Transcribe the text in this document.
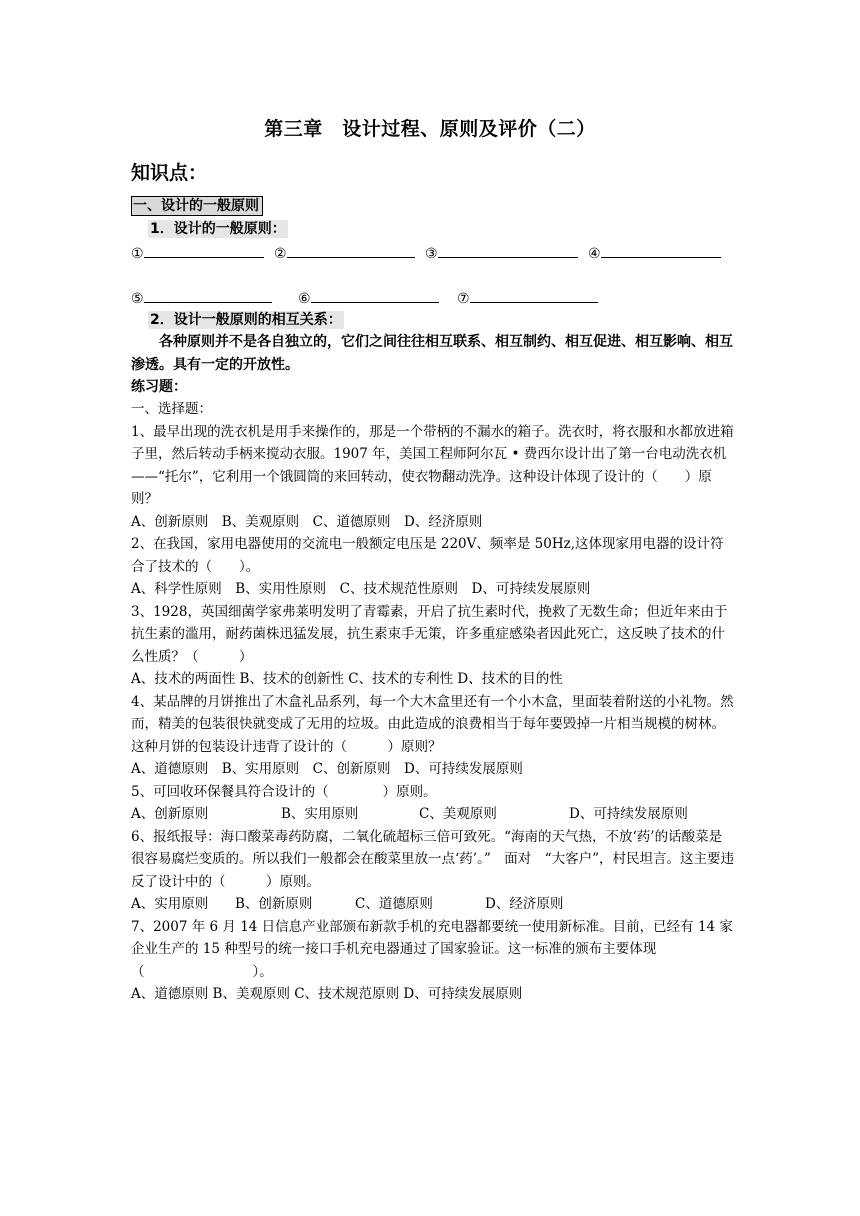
第三章　设计过程、原则及评价（二）
知识点：
一、设计的一般原则
1．设计的一般原则：
①	②	③	④
⑤	⑥	⑦
2．设计一般原则的相互关系：
各种原则并不是各自独立的，它们之间往往相互联系、相互制约、相互促进、相互影响、相互渗透。具有一定的开放性。
练习题：

一、选择题：

1、最早出现的洗衣机是用手来操作的，那是一个带柄的不漏水的箱子。洗衣时，将衣服和水都放进箱子里，然后转动手柄来搅动衣服。1907 年，美国工程师阿尔瓦 • 费西尔设计出了第一台电动洗衣机——“托尔”，它利用一个饿圆筒的来回转动，使衣物翻动洗净。这种设计体现了设计的（　　）原则？

A、创新原则　B、美观原则　C、道德原则　D、经济原则

2、在我国，家用电器使用的交流电一般额定电压是 220V、频率是 50Hz,这体现家用电器的设计符合了技术的（　　）。

A、科学性原则　B、实用性原则　C、技术规范性原则　D、可持续发展原则

3、1928，英国细菌学家弗莱明发明了青霉素，开启了抗生素时代，挽救了无数生命；但近年来由于抗生素的滥用，耐药菌株迅猛发展，抗生素束手无策，许多重症感染者因此死亡，这反映了技术的什么性质？（　　　）

A、技术的两面性 B、技术的创新性 C、技术的专利性 D、技术的目的性

4、某品牌的月饼推出了木盒礼品系列，每一个大木盒里还有一个小木盒，里面装着附送的小礼物。然而，精美的包装很快就变成了无用的垃圾。由此造成的浪费相当于每年要毁掉一片相当规模的树林。这种月饼的包装设计违背了设计的（　　　）原则？

A、道德原则　B、实用原则　C、创新原则　D、可持续发展原则

5、可回收环保餐具符合设计的（　　　　）原则。

A、创新原则	B、实用原则	C、美观原则	D、可持续发展原则

6、报纸报导：海口酸菜毒药防腐，二氧化硫超标三倍可致死。“海南的天气热，不放‘药’的话酸菜是很容易腐烂变质的。所以我们一般都会在酸菜里放一点‘药’。”　面对　“大客户”，村民坦言。这主要违反了设计中的（　　　）原则。

A、实用原则 B、创新原则	C、道德原则	D、经济原则

7、2007 年 6 月 14 日信息产业部颁布新款手机的充电器都要统一使用新标准。目前，已经有 14 家企业生产的 15 种型号的统一接口手机充电器通过了国家验证。这一标准的颁布主要体现（　　　　　　　　）。

A、道德原则 B、美观原则 C、技术规范原则 D、可持续发展原则
